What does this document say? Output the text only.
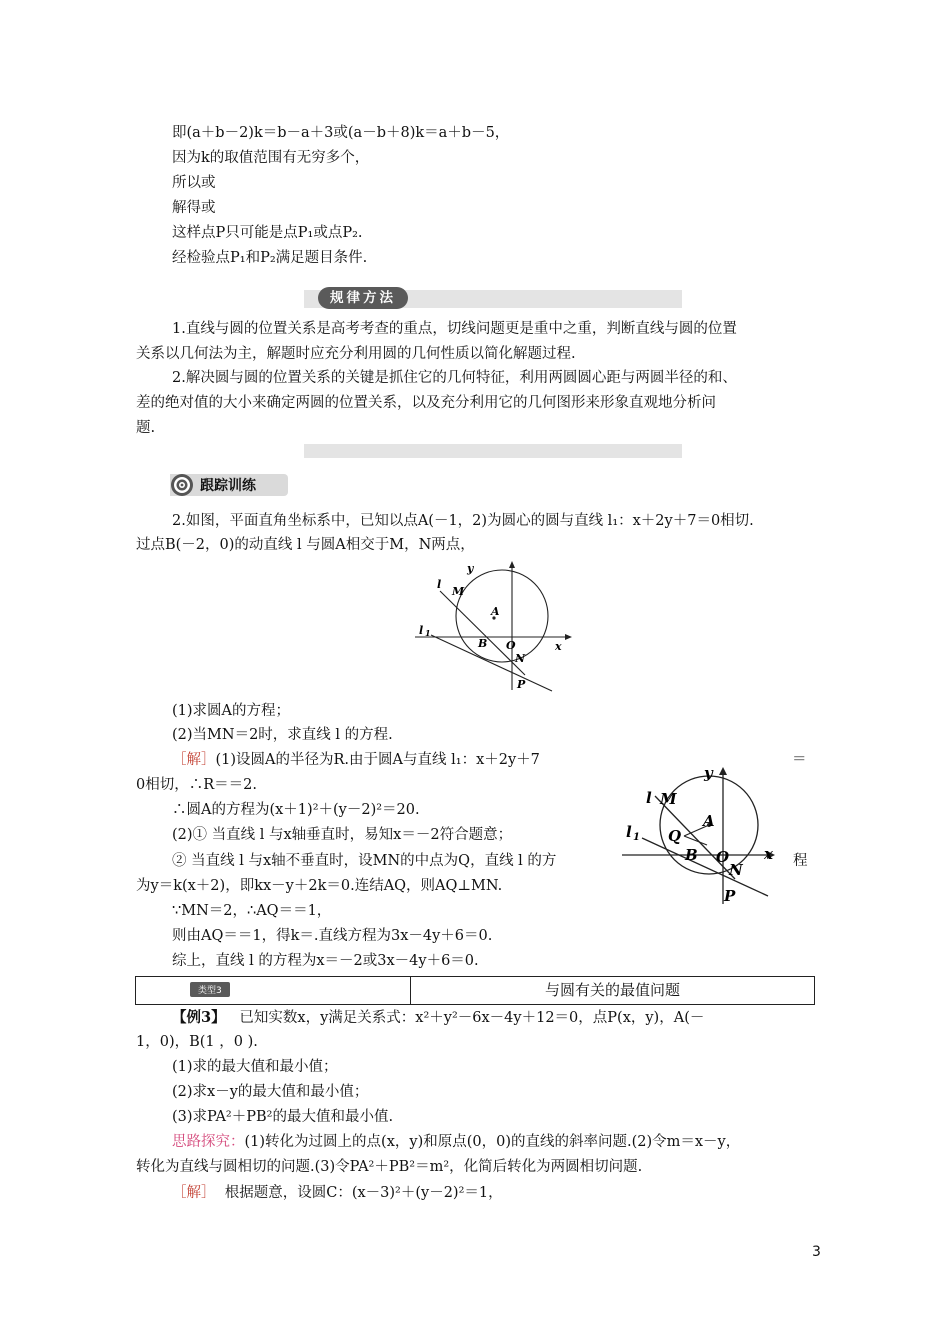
即(a＋b－2)k＝b－a＋3或(a－b＋8)k＝a＋b－5，
因为k的取值范围有无穷多个，
所以或
解得或
这样点P只可能是点P₁或点P₂.
经检验点P₁和P₂满足题目条件.
规律方法
1.直线与圆的位置关系是高考考查的重点，切线问题更是重中之重，判断直线与圆的位置
关系以几何法为主，解题时应充分利用圆的几何性质以简化解题过程.
2.解决圆与圆的位置关系的关键是抓住它的几何特征，利用两圆圆心距与两圆半径的和、
差的绝对值的大小来确定两圆的位置关系，以及充分利用它的几何图形来形象直观地分析问
题.
跟踪训练
2.如图，平面直角坐标系中，已知以点A(－1，2)为圆心的圆与直线 l₁：x＋2y＋7＝0相切.
过点B(－2，0)的动直线 l 与圆A相交于M，N两点，
y
x
l
M
A
l 1
B O
N
P
(1)求圆A的方程；
(2)当MN＝2时，求直线 l 的方程.
［解］(1)设圆A的半径为R.由于圆A与直线 l₁：x＋2y＋7	＝
0相切，∴R＝＝2.
∴圆A的方程为(x＋1)²＋(y－2)²＝20.
(2)① 当直线 l 与x轴垂直时，易知x＝－2符合题意；
② 当直线 l 与x轴不垂直时，设MN的中点为Q，直线 l 的方	程
为y＝k(x＋2)，即kx－y＋2k＝0.连结AQ，则AQ⊥MN.
∵MN＝2，∴AQ＝＝1，
则由AQ＝＝1，得k＝.直线方程为3x－4y＋6＝0.
综上，直线 l 的方程为x＝－2或3x－4y＋6＝0.
y
x
l M
A
Q
l 1
B O
N
P
类型3	与圆有关的最值问题
【例3】 已知实数x，y满足关系式：x²＋y²－6x－4y＋12＝0，点P(x，y)，A(－
1，0)，B(1 ，0 ).
(1)求的最大值和最小值；
(2)求x－y的最大值和最小值；
(3)求PA²＋PB²的最大值和最小值.
思路探究：(1)转化为过圆上的点(x，y)和原点(0，0)的直线的斜率问题.(2)令m＝x－y，
转化为直线与圆相切的问题.(3)令PA²＋PB²＝m²，化简后转化为两圆相切问题.
［解］ 根据题意，设圆C：(x－3)²＋(y－2)²＝1，
3
